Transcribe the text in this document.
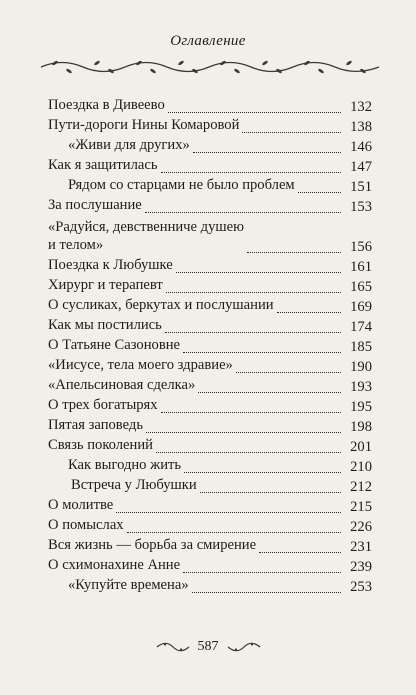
Оглавление
Поездка в Дивеево	132
Пути-дороги Нины Комаровой	138
«Живи для других»	146
Как я защитилась	147
Рядом со старцами не было проблем	151
За послушание	153
«Радуйся, девственниче душею
и телом»	156
Поездка к Любушке	161
Хирург и терапевт	165
О сусликах, беркутах и послушании	169
Как мы постились	174
О Татьяне Сазоновне	185
«Иисусе, тела моего здравие»	190
«Апельсиновая сделка»	193
О трех богатырях	195
Пятая заповедь	198
Связь поколений	201
Как выгодно жить	210
Встреча у Любушки	212
О молитве	215
О помыслах	226
Вся жизнь — борьба за смирение	231
О схимонахине Анне	239
«Купуйте времена»	253
587
